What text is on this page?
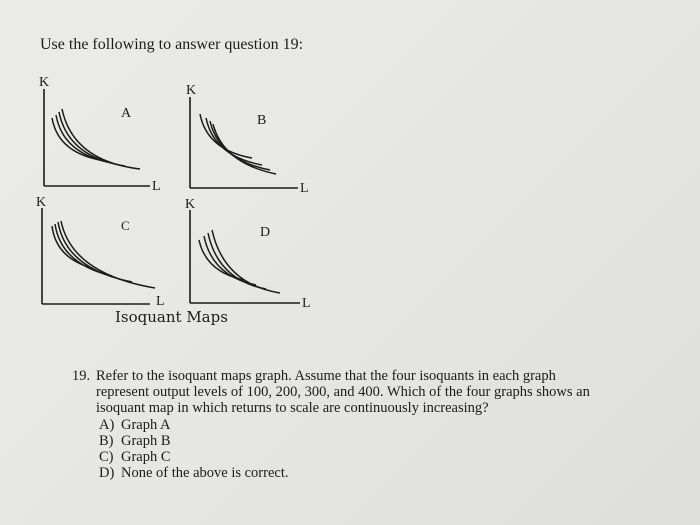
Use the following to answer question 19:
K
L
A
K
L
B
K
L
C
K
L
D
Isoquant Maps
19. Refer to the isoquant maps graph. Assume that the four isoquants in each graph
represent output levels of 100, 200, 300, and 400. Which of the four graphs shows an
isoquant map in which returns to scale are continuously increasing?
A) Graph A
B) Graph B
C) Graph C
D) None of the above is correct.
